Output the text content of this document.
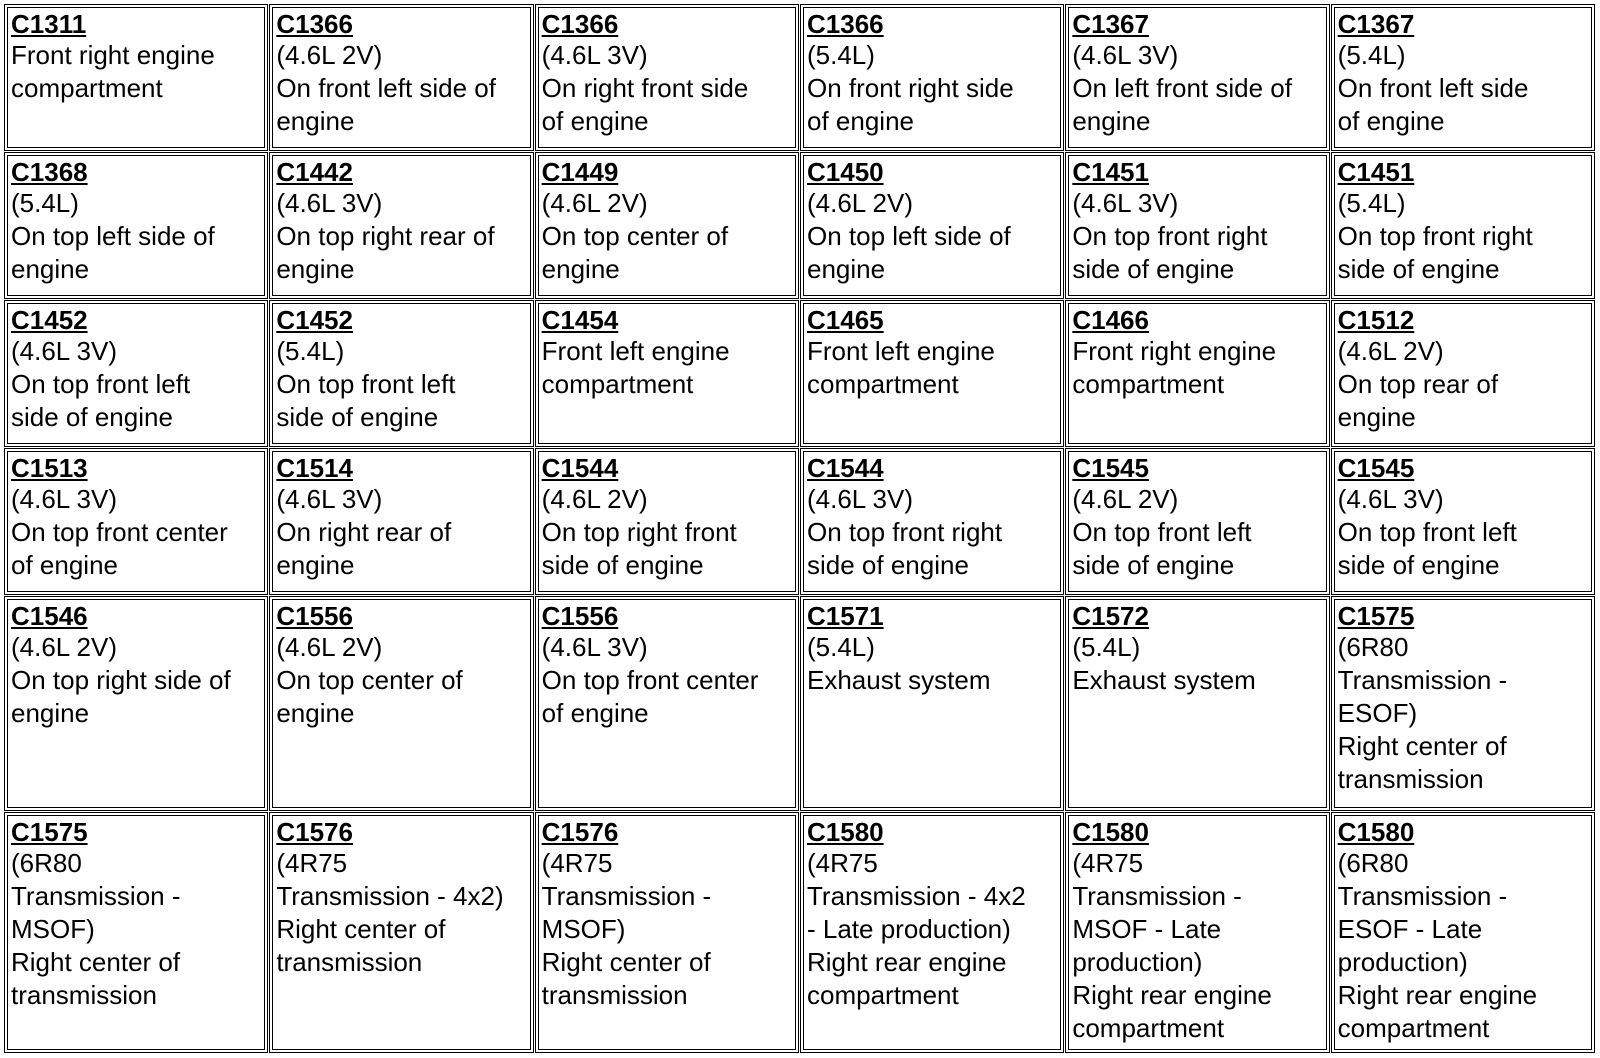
C1311
Front right engine
compartment
C1366
(4.6L 2V)
On front left side of
engine
C1366
(4.6L 3V)
On right front side
of engine
C1366
(5.4L)
On front right side
of engine
C1367
(4.6L 3V)
On left front side of
engine
C1367
(5.4L)
On front left side
of engine
C1368
(5.4L)
On top left side of
engine
C1442
(4.6L 3V)
On top right rear of
engine
C1449
(4.6L 2V)
On top center of
engine
C1450
(4.6L 2V)
On top left side of
engine
C1451
(4.6L 3V)
On top front right
side of engine
C1451
(5.4L)
On top front right
side of engine
C1452
(4.6L 3V)
On top front left
side of engine
C1452
(5.4L)
On top front left
side of engine
C1454
Front left engine
compartment
C1465
Front left engine
compartment
C1466
Front right engine
compartment
C1512
(4.6L 2V)
On top rear of
engine
C1513
(4.6L 3V)
On top front center
of engine
C1514
(4.6L 3V)
On right rear of
engine
C1544
(4.6L 2V)
On top right front
side of engine
C1544
(4.6L 3V)
On top front right
side of engine
C1545
(4.6L 2V)
On top front left
side of engine
C1545
(4.6L 3V)
On top front left
side of engine
C1546
(4.6L 2V)
On top right side of
engine
C1556
(4.6L 2V)
On top center of
engine
C1556
(4.6L 3V)
On top front center
of engine
C1571
(5.4L)
Exhaust system
C1572
(5.4L)
Exhaust system
C1575
(6R80
Transmission -
ESOF)
Right center of
transmission
C1575
(6R80
Transmission -
MSOF)
Right center of
transmission
C1576
(4R75
Transmission - 4x2)
Right center of
transmission
C1576
(4R75
Transmission -
MSOF)
Right center of
transmission
C1580
(4R75
Transmission - 4x2
- Late production)
Right rear engine
compartment
C1580
(4R75
Transmission -
MSOF - Late
production)
Right rear engine
compartment
C1580
(6R80
Transmission -
ESOF - Late
production)
Right rear engine
compartment
